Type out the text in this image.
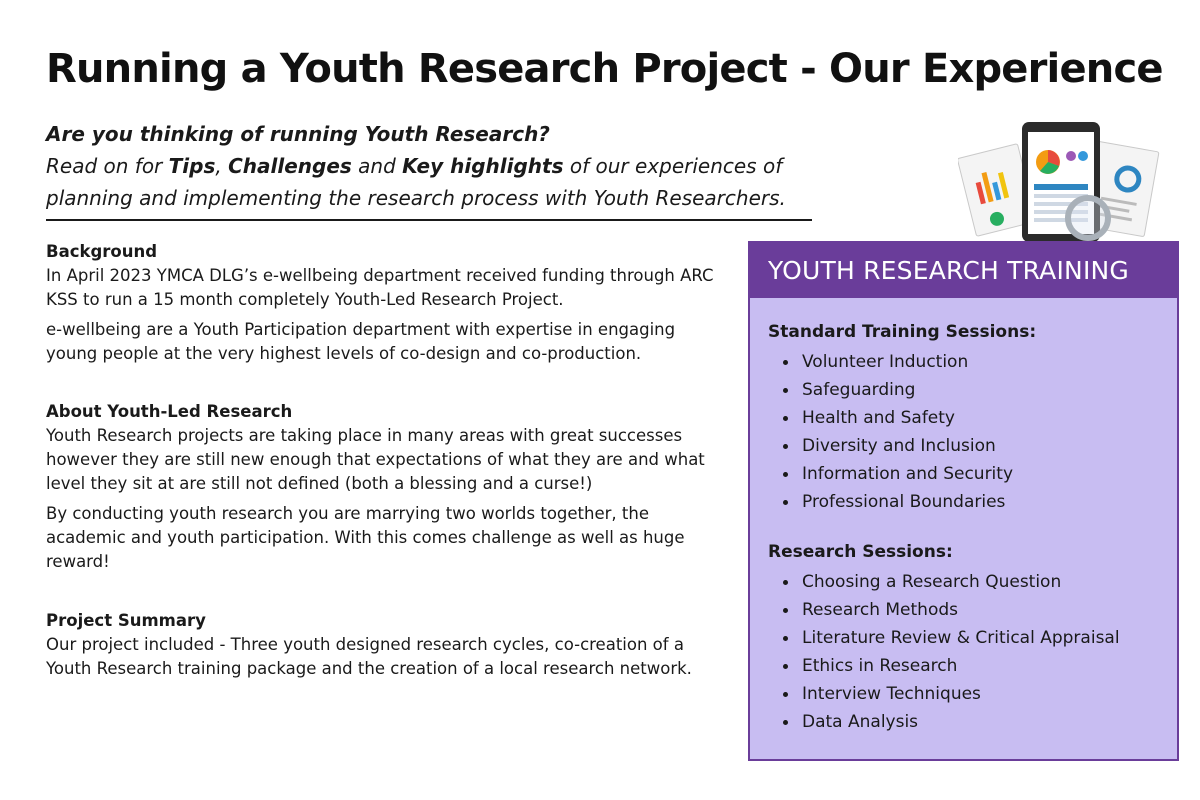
Running a Youth Research Project - Our Experience
Are you thinking of running Youth Research?
Read on for Tips, Challenges and Key highlights of our experiences of
planning and implementing the research process with Youth Researchers.
Background

In April 2023 YMCA DLG’s e-wellbeing department received funding through ARC KSS to run a 15 month completely Youth-Led Research Project.

e-wellbeing are a Youth Participation department with expertise in engaging young people at the very highest levels of co-design and co-production.

About Youth-Led Research

Youth Research projects are taking place in many areas with great successes however they are still new enough that expectations of what they are and what level they sit at are still not defined (both a blessing and a curse!)

By conducting youth research you are marrying two worlds together, the academic and youth participation. With this comes challenge as well as huge reward!

Project Summary

Our project included - Three youth designed research cycles, co-creation of a Youth Research training package and the creation of a local research network.

YOUTH RESEARCH TRAINING
Standard Training Sessions:
Volunteer Induction
Safeguarding
Health and Safety
Diversity and Inclusion
Information and Security
Professional Boundaries
Research Sessions:
Choosing a Research Question
Research Methods
Literature Review & Critical Appraisal
Ethics in Research
Interview Techniques
Data Analysis
